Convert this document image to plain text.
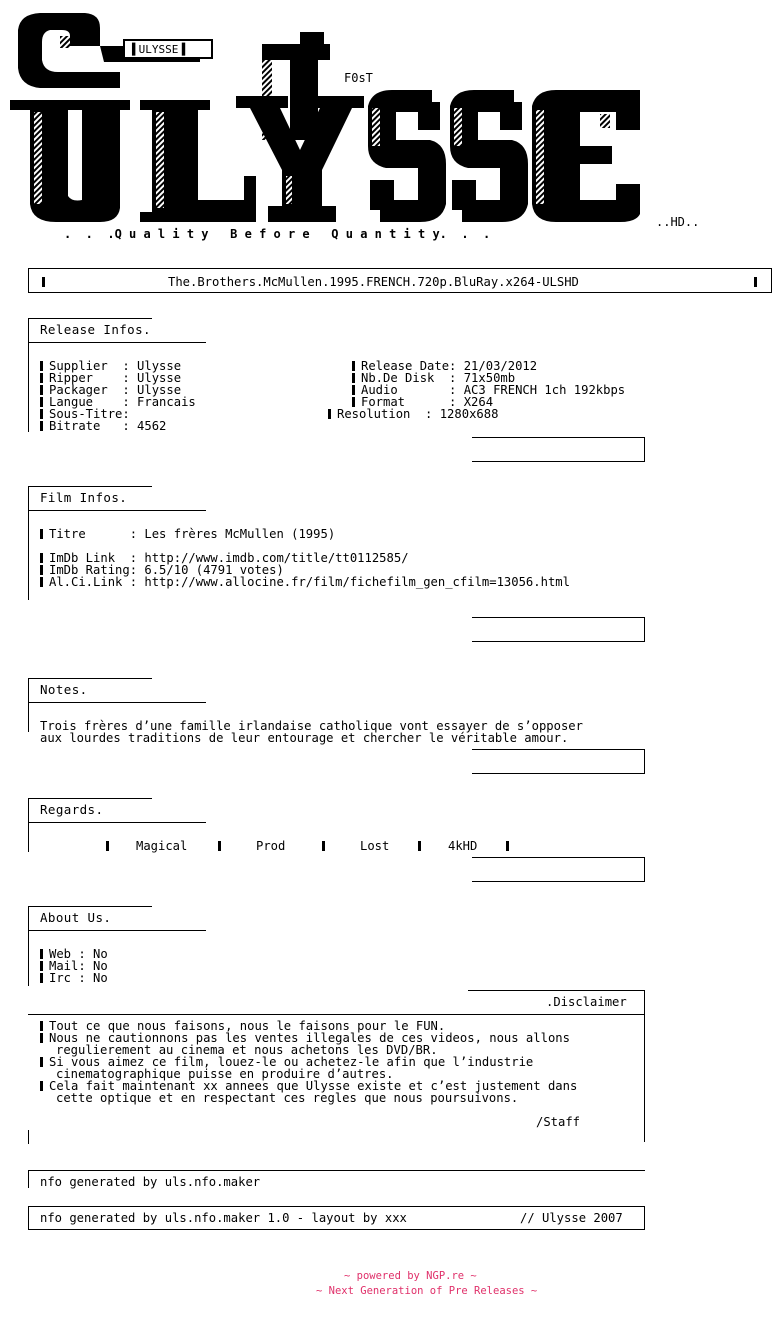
▌ULYSSE▐
F0sT
..HD..
.  .  .Q u a l i t y   B e f o r e   Q u a n t i t y.  .  .
The.Brothers.McMullen.1995.FRENCH.720p.BluRay.x264-ULSHD
Release Infos.
Supplier  : Ulysse
Ripper    : Ulysse
Packager  : Ulysse
Langue    : Francais
Sous-Titre:
Bitrate   : 4562
Release Date: 21/03/2012
Nb.De Disk  : 71x50mb
Audio       : AC3 FRENCH 1ch 192kbps
Format      : X264
Resolution  : 1280x688
Film Infos.
Titre      : Les frères McMullen (1995)
ImDb Link  : http://www.imdb.com/title/tt0112585/
ImDb Rating: 6.5/10 (4791 votes)
Al.Ci.Link : http://www.allocine.fr/film/fichefilm_gen_cfilm=13056.html
Notes.
Trois frères d’une famille irlandaise catholique vont essayer de s’opposer
aux lourdes traditions de leur entourage et chercher le véritable amour.
Regards.
Magical	Prod	Lost	4kHD
About Us.
Web : No
Mail: No
Irc : No
.Disclaimer
Tout ce que nous faisons, nous le faisons pour le FUN.
Nous ne cautionnons pas les ventes illegales de ces videos, nous allons
regulierement au cinema et nous achetons les DVD/BR.
Si vous aimez ce film, louez-le ou achetez-le afin que l’industrie
cinematographique puisse en produire d’autres.
Cela fait maintenant xx annees que Ulysse existe et c’est justement dans
cette optique et en respectant ces regles que nous poursuivons.
/Staff
nfo generated by uls.nfo.maker
nfo generated by uls.nfo.maker 1.0 - layout by xxx	// Ulysse 2007
~ powered by NGP.re ~
~ Next Generation of Pre Releases ~
